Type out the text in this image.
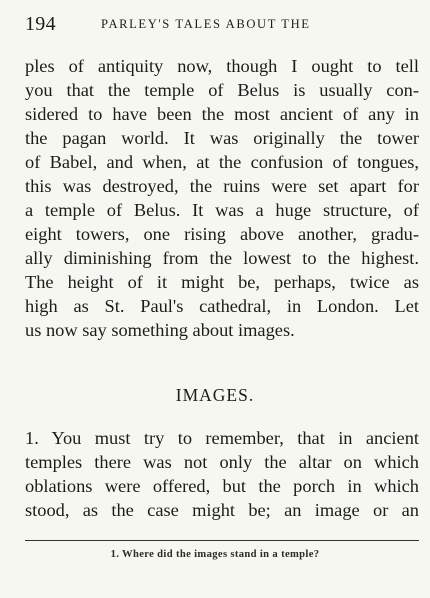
194	PARLEY'S TALES ABOUT THE
ples of antiquity now, though I ought to tell
you that the temple of Belus is usually con-
sidered to have been the most ancient of any in
the pagan world. It was originally the tower
of Babel, and when, at the confusion of tongues,
this was destroyed, the ruins were set apart for
a temple of Belus. It was a huge structure, of
eight towers, one rising above another, gradu-
ally diminishing from the lowest to the highest.
The height of it might be, perhaps, twice as
high as St. Paul's cathedral, in London. Let
us now say something about images.
IMAGES.
1. You must try to remember, that in ancient
temples there was not only the altar on which
oblations were offered, but the porch in which
stood, as the case might be; an image or an
1. Where did the images stand in a temple?
